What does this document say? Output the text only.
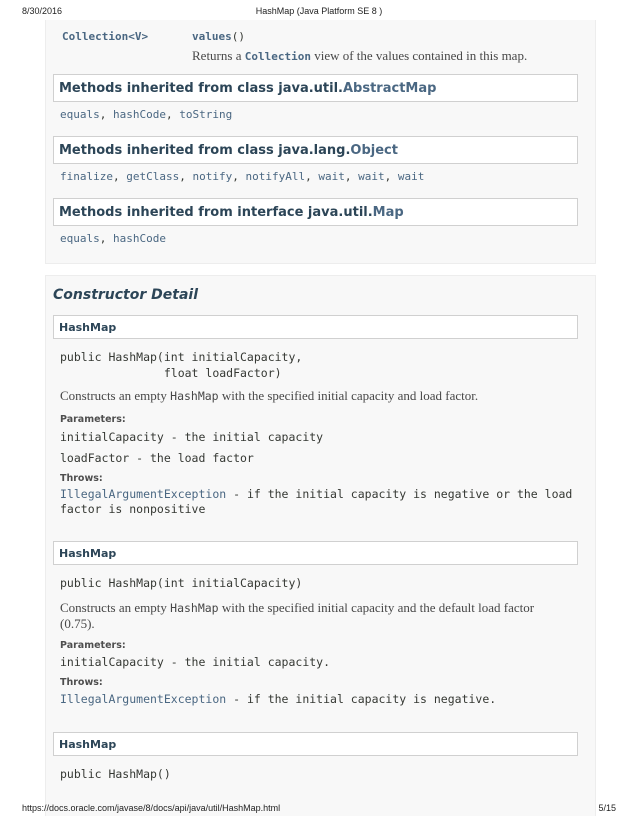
8/30/2016	HashMap (Java Platform SE 8 )
Collection<V>	values()
Returns a Collection view of the values contained in this map.
Methods inherited from class java.util.AbstractMap
equals, hashCode, toString
Methods inherited from class java.lang.Object
finalize, getClass, notify, notifyAll, wait, wait, wait
Methods inherited from interface java.util.Map
equals, hashCode
Constructor Detail
HashMap
public HashMap(int initialCapacity,
float loadFactor)
Constructs an empty HashMap with the specified initial capacity and load factor.
Parameters:
initialCapacity - the initial capacity
loadFactor - the load factor
Throws:
IllegalArgumentException - if the initial capacity is negative or the load factor is nonpositive
HashMap
public HashMap(int initialCapacity)
Constructs an empty HashMap with the specified initial capacity and the default load factor (0.75).
Parameters:
initialCapacity - the initial capacity.
Throws:
IllegalArgumentException - if the initial capacity is negative.
HashMap
public HashMap()
https://docs.oracle.com/javase/8/docs/api/java/util/HashMap.html	5/15
